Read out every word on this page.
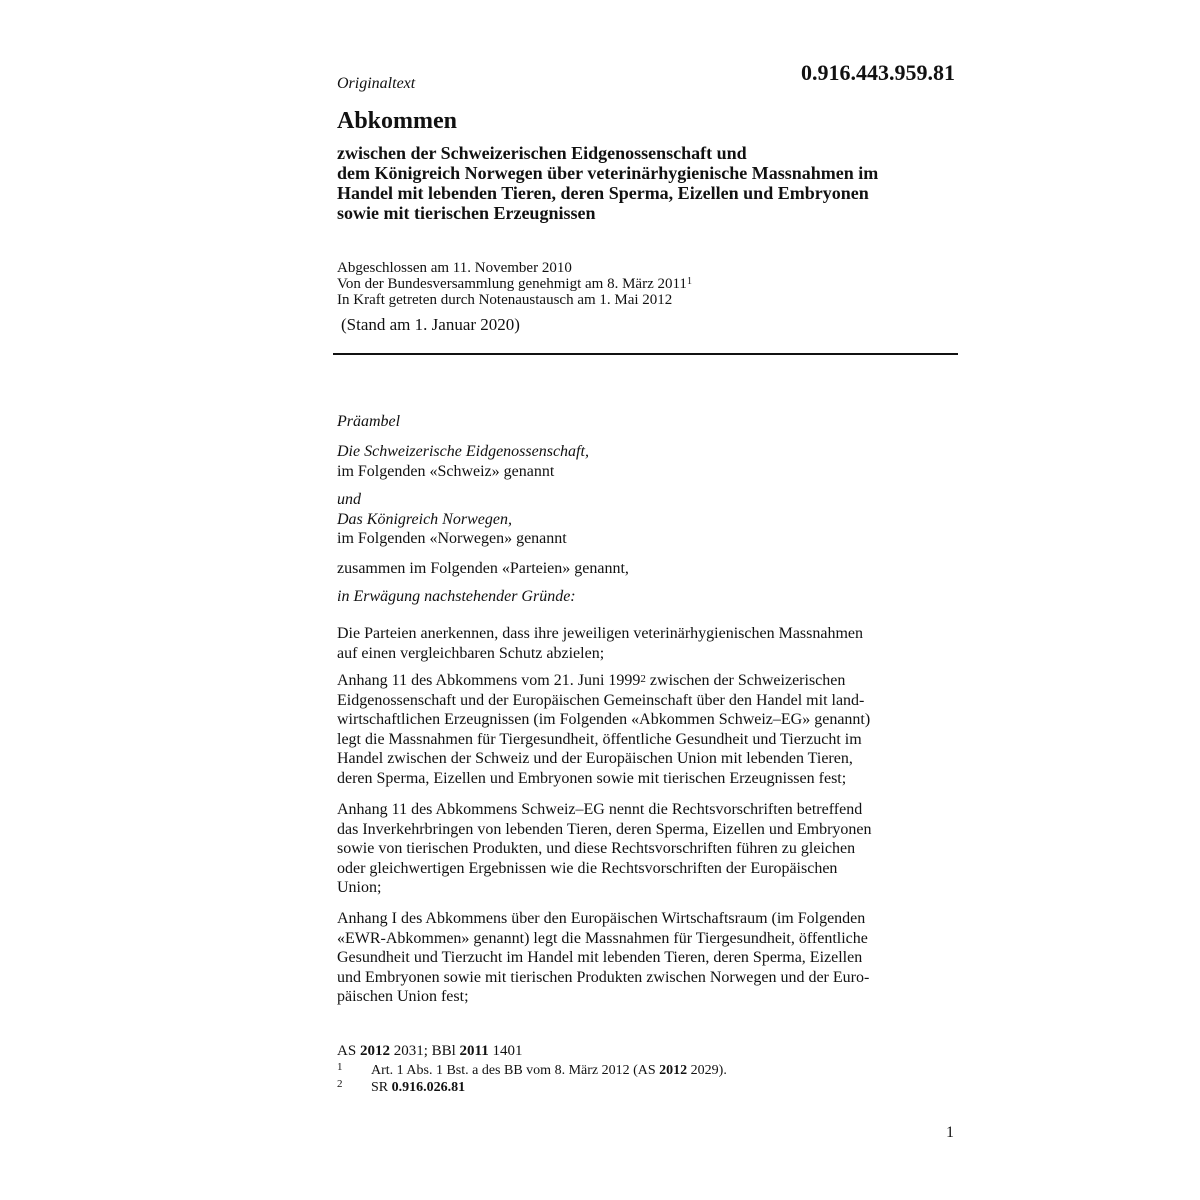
0.916.443.959.81
Originaltext
Abkommen
zwischen der Schweizerischen Eidgenossenschaft und
dem Königreich Norwegen über veterinärhygienische Massnahmen im
Handel mit lebenden Tieren, deren Sperma, Eizellen und Embryonen
sowie mit tierischen Erzeugnissen
Abgeschlossen am 11. November 2010
Von der Bundesversammlung genehmigt am 8. März 2011$^1$
In Kraft getreten durch Notenaustausch am 1. Mai 2012
(Stand am 1. Januar 2020)
Präambel
Die Schweizerische Eidgenossenschaft,
im Folgenden «Schweiz» genannt
und
Das Königreich Norwegen,
im Folgenden «Norwegen» genannt
zusammen im Folgenden «Parteien» genannt,
in Erwägung nachstehender Gründe:
Die Parteien anerkennen, dass ihre jeweiligen veterinärhygienischen Massnahmen
auf einen vergleichbaren Schutz abzielen;
Anhang 11 des Abkommens vom 21. Juni 1999$^2$ zwischen der Schweizerischen
Eidgenossenschaft und der Europäischen Gemeinschaft über den Handel mit land-
wirtschaftlichen Erzeugnissen (im Folgenden «Abkommen Schweiz–EG» genannt)
legt die Massnahmen für Tiergesundheit, öffentliche Gesundheit und Tierzucht im
Handel zwischen der Schweiz und der Europäischen Union mit lebenden Tieren,
deren Sperma, Eizellen und Embryonen sowie mit tierischen Erzeugnissen fest;
Anhang 11 des Abkommens Schweiz–EG nennt die Rechtsvorschriften betreffend
das Inverkehrbringen von lebenden Tieren, deren Sperma, Eizellen und Embryonen
sowie von tierischen Produkten, und diese Rechtsvorschriften führen zu gleichen
oder gleichwertigen Ergebnissen wie die Rechtsvorschriften der Europäischen
Union;
Anhang I des Abkommens über den Europäischen Wirtschaftsraum (im Folgenden
«EWR-Abkommen» genannt) legt die Massnahmen für Tiergesundheit, öffentliche
Gesundheit und Tierzucht im Handel mit lebenden Tieren, deren Sperma, Eizellen
und Embryonen sowie mit tierischen Produkten zwischen Norwegen und der Euro-
päischen Union fest;
AS 2012 2031; BBl 2011 1401
1	Art. 1 Abs. 1 Bst. a des BB vom 8. März 2012 (AS 2012 2029).
2	SR 0.916.026.81
1
